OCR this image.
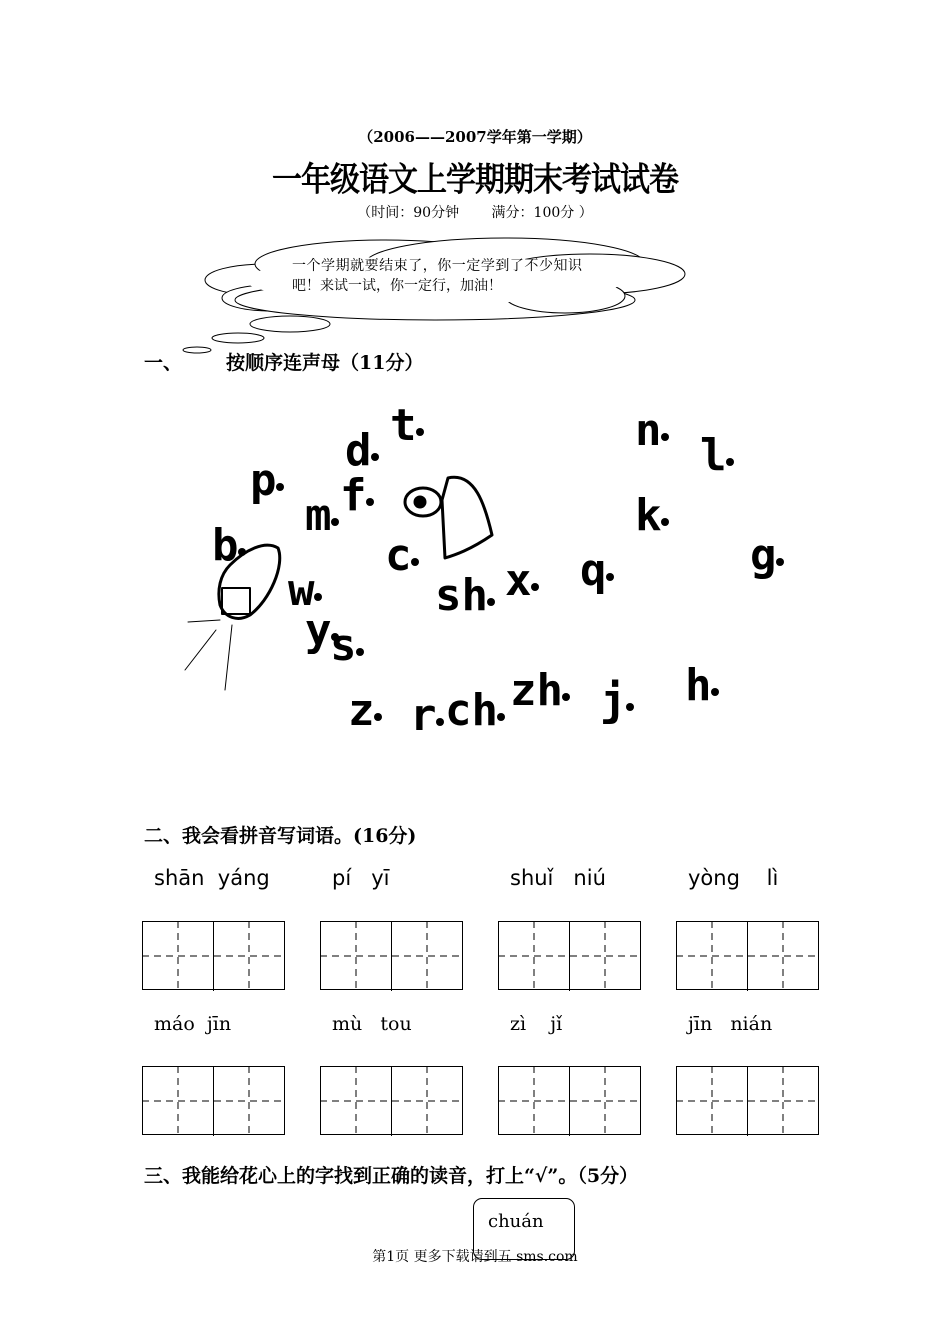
（2006——2007学年第一学期）
一年级语文上学期期末考试试卷
（时间：90分钟 满分：100分 ）
一个学期就要结束了，你一定学到了不少知识吧！来试一试，你一定行，加油！
一、 按顺序连声母（11分）
t
d
p
m f
n l
k
b	c
sh x q	g
w
y
s
z r ch zh j h
二、我会看拼音写词语。(16分)
shān  yáng	pí   yī	shuǐ   niú	yòng    lì
máo  jīn	mù   tou	zì    jǐ	jīn   nián
三、我能给花心上的字找到正确的读音，打上“√”。（5分）
chuán
第1页 更多下载请到五 sms.com
